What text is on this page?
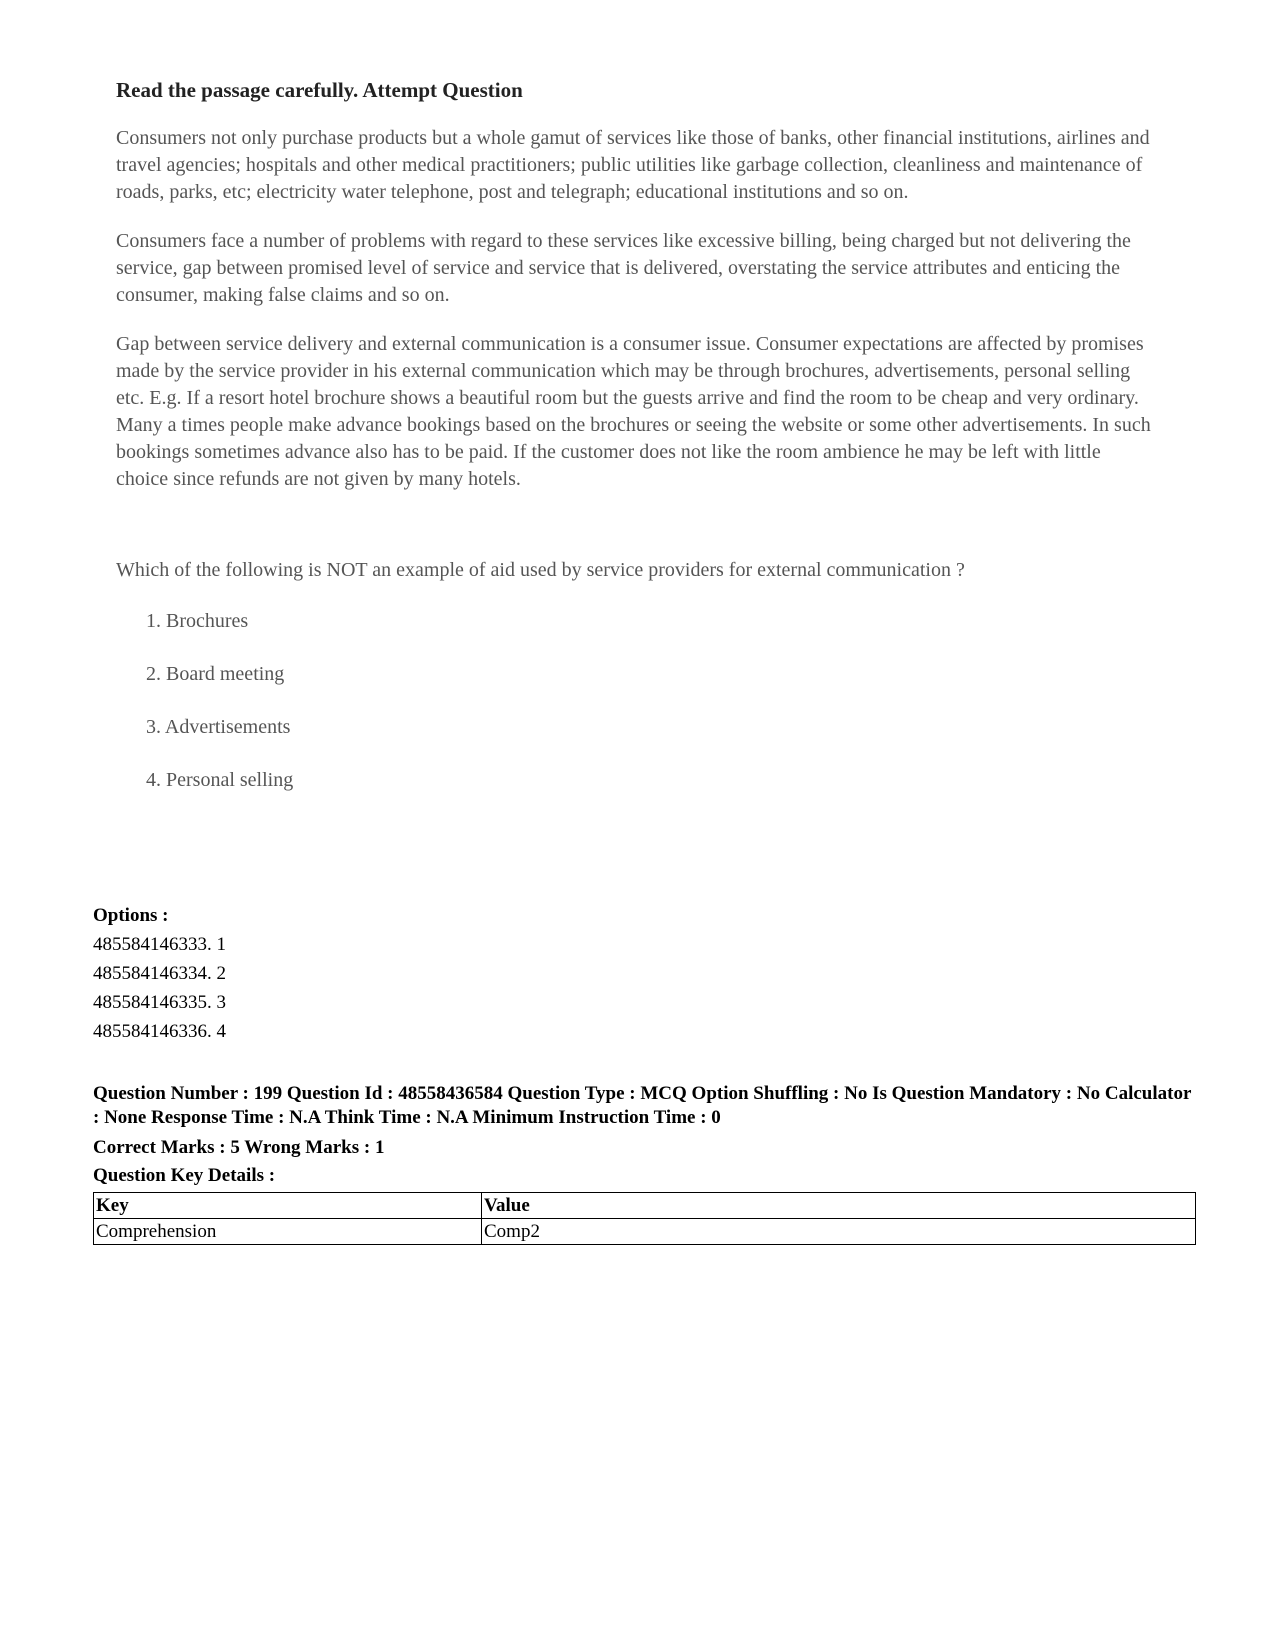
Read the passage carefully. Attempt Question

Consumers not only purchase products but a whole gamut of services like those of banks, other financial institutions, airlines and travel agencies; hospitals and other medical practitioners; public utilities like garbage collection, cleanliness and maintenance of roads, parks, etc; electricity water telephone, post and telegraph; educational institutions and so on.

Consumers face a number of problems with regard to these services like excessive billing, being charged but not delivering the service, gap between promised level of service and service that is delivered, overstating the service attributes and enticing the consumer, making false claims and so on.

Gap between service delivery and external communication is a consumer issue. Consumer expectations are affected by promises made by the service provider in his external communication which may be through brochures, advertisements, personal selling etc. E.g. If a resort hotel brochure shows a beautiful room but the guests arrive and find the room to be cheap and very ordinary. Many a times people make advance bookings based on the brochures or seeing the website or some other advertisements. In such bookings sometimes advance also has to be paid. If the customer does not like the room ambience he may be left with little choice since refunds are not given by many hotels.

Which of the following is NOT an example of aid used by service providers for external communication ?
1. Brochures
2. Board meeting
3. Advertisements
4. Personal selling
Options :
485584146333. 1
485584146334. 2
485584146335. 3
485584146336. 4
Question Number : 199 Question Id : 48558436584 Question Type : MCQ Option Shuffling : No Is Question Mandatory : No Calculator : None Response Time : N.A Think Time : N.A Minimum Instruction Time : 0
Correct Marks : 5 Wrong Marks : 1
Question Key Details :
Key	Value
Comprehension	Comp2
